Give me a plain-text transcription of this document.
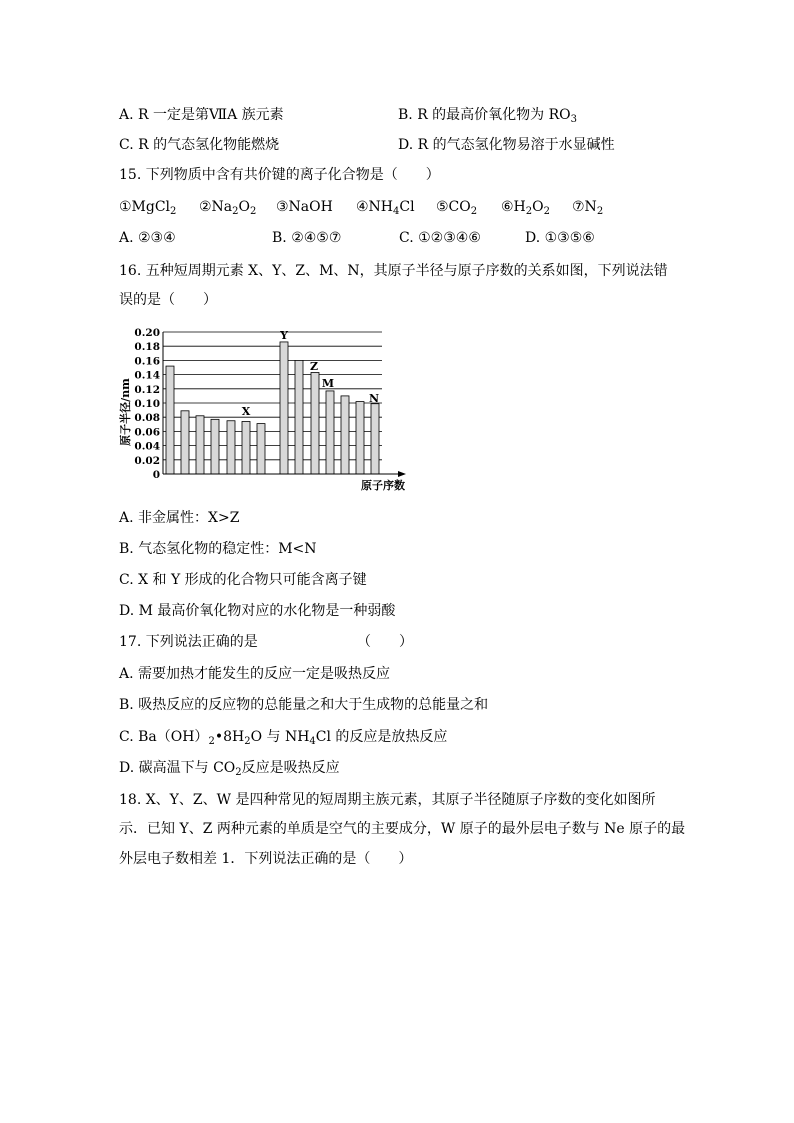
A. R 一定是第ⅦA 族元素	B. R 的最高价氧化物为 $RO_3$
C. R 的气态氢化物能燃烧	D. R 的气态氢化物易溶于水显碱性
15. 下列物质中含有共价键的离子化合物是（　　）
①MgCl$_2$ $②Na_2O_2$ ③NaOH $④NH_4Cl$ $⑤CO_2$ $⑥H_2O_2$ $⑦N_2$
A. ②③④	B. ②④⑤⑦	C. ①②③④⑥	D. ①③⑤⑥
16. 五种短周期元素 X、Y、Z、M、N，其原子半径与原子序数的关系如图，下列说法错
误的是（　　）
0.20
0.18
0.16
0.14
0.12
0.10
0.08
0.06
0.04
0.02
0
X
Y
Z
M
N
原子半径/nm
原子序数
A. 非金属性：X>Z
B. 气态氢化物的稳定性：M<N
C. X 和 Y 形成的化合物只可能含离子键
D. M 最高价氧化物对应的水化物是一种弱酸
17. 下列说法正确的是	（　　）
A. 需要加热才能发生的反应一定是吸热反应
B. 吸热反应的反应物的总能量之和大于生成物的总能量之和
C. $Ba(OH)_2•8H_2O$ 与 $NH_4Cl$ 的反应是放热反应
D. 碳高温下与 $CO_2$反应是吸热反应
18. X、Y、Z、W 是四种常见的短周期主族元素，其原子半径随原子序数的变化如图所
示．已知 Y、Z 两种元素的单质是空气的主要成分，W 原子的最外层电子数与 Ne 原子的最
外层电子数相差 1．下列说法正确的是（　　）
